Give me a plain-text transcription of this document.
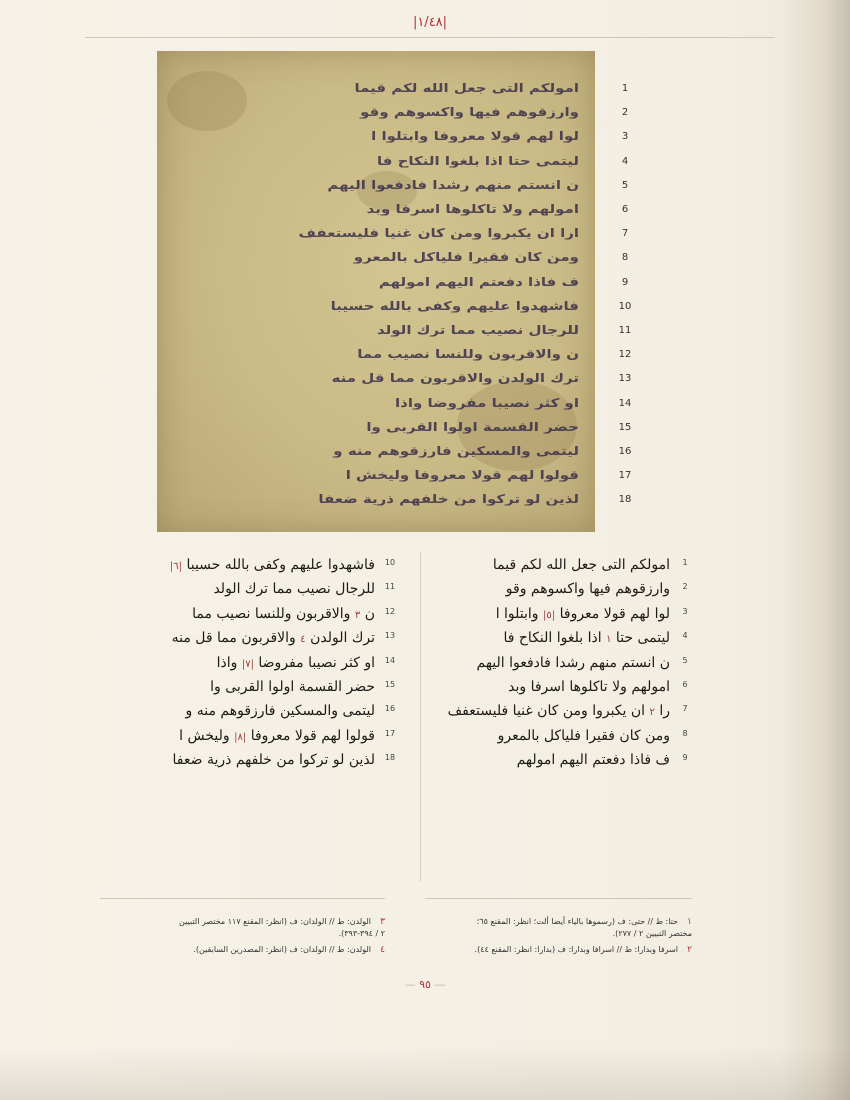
|١/٤٨|
امولكم التى جعل الله لكم قيما
وارزقوهم فيها واكسوهم وقو
لوا لهم قولا معروفا وابتلوا ا
ليتمى حتا اذا بلغوا النكاح فا
ن انستم منهم رشدا فادفعوا اليهم
امولهم ولا تاكلوها اسرفا وبد
ارا ان يكبروا ومن كان غنيا فليستعفف
ومن كان فقيرا فلياكل بالمعرو
ف فاذا دفعتم اليهم امولهم
فاشهدوا عليهم وكفى بالله حسيبا
للرجال نصيب مما ترك الولد
ن والاقربون وللنسا نصيب مما
ترك الولدن والاقربون مما قل منه
او كثر نصيبا مفروضا واذا
حضر القسمة اولوا القربى وا
ليتمى والمسكين فارزقوهم منه و
قولوا لهم قولا معروفا وليخش ا
لذين لو تركوا من خلفهم ذرية ضعفا
1
2
3
4
5
6
7
8
9
10
11
12
13
14
15
16
17
18
1
امولكم التى جعل الله لكم قيما
2
وارزقوهم فيها واكسوهم وقو
3
لوا لهم قولا معروفا |٥| وابتلوا ا
4
ليتمى حتا ١ اذا بلغوا النكاح فا
5
ن انستم منهم رشدا فادفعوا اليهم
6
امولهم ولا تاكلوها اسرفا وبد
7
را ٢ ان يكبروا ومن كان غنيا فليستعفف
8
ومن كان فقيرا فلياكل بالمعرو
9
ف فاذا دفعتم اليهم امولهم
10
فاشهدوا عليهم وكفى بالله حسيبا |٦|
11
للرجال نصيب مما ترك الولد
12
ن ٣ والاقربون وللنسا نصيب مما
13
ترك الولدن ٤ والاقربون مما قل منه
14
او كثر نصيبا مفروضا |٧| واذا
15
حضر القسمة اولوا القربى وا
16
ليتمى والمسكين فارزقوهم منه و
17
قولوا لهم قولا معروفا |٨| وليخش ا
18
لذين لو تركوا من خلفهم ذرية ضعفا
١
حتا: ط // حتى: ف (رسموها بالياء أيضا ألت؛ انظر: المقنع ٦٥؛
مختصر التبيين ٢ / ٢٧٧).
٢
اسرفا وبدارا: ط // اسرافا وبدارا: ف (بدارا: انظر: المقنع ٤٤).
٣
الولدن: ط // الولدان: ف (انظر: المقنع ١١٧ مختصر التبيين
٢ / ٣٩٤-٣٩٣).
٤
الولدن: ط // الولدان: ف (انظر: المصدرين السابقين).
— ٩٥ —
